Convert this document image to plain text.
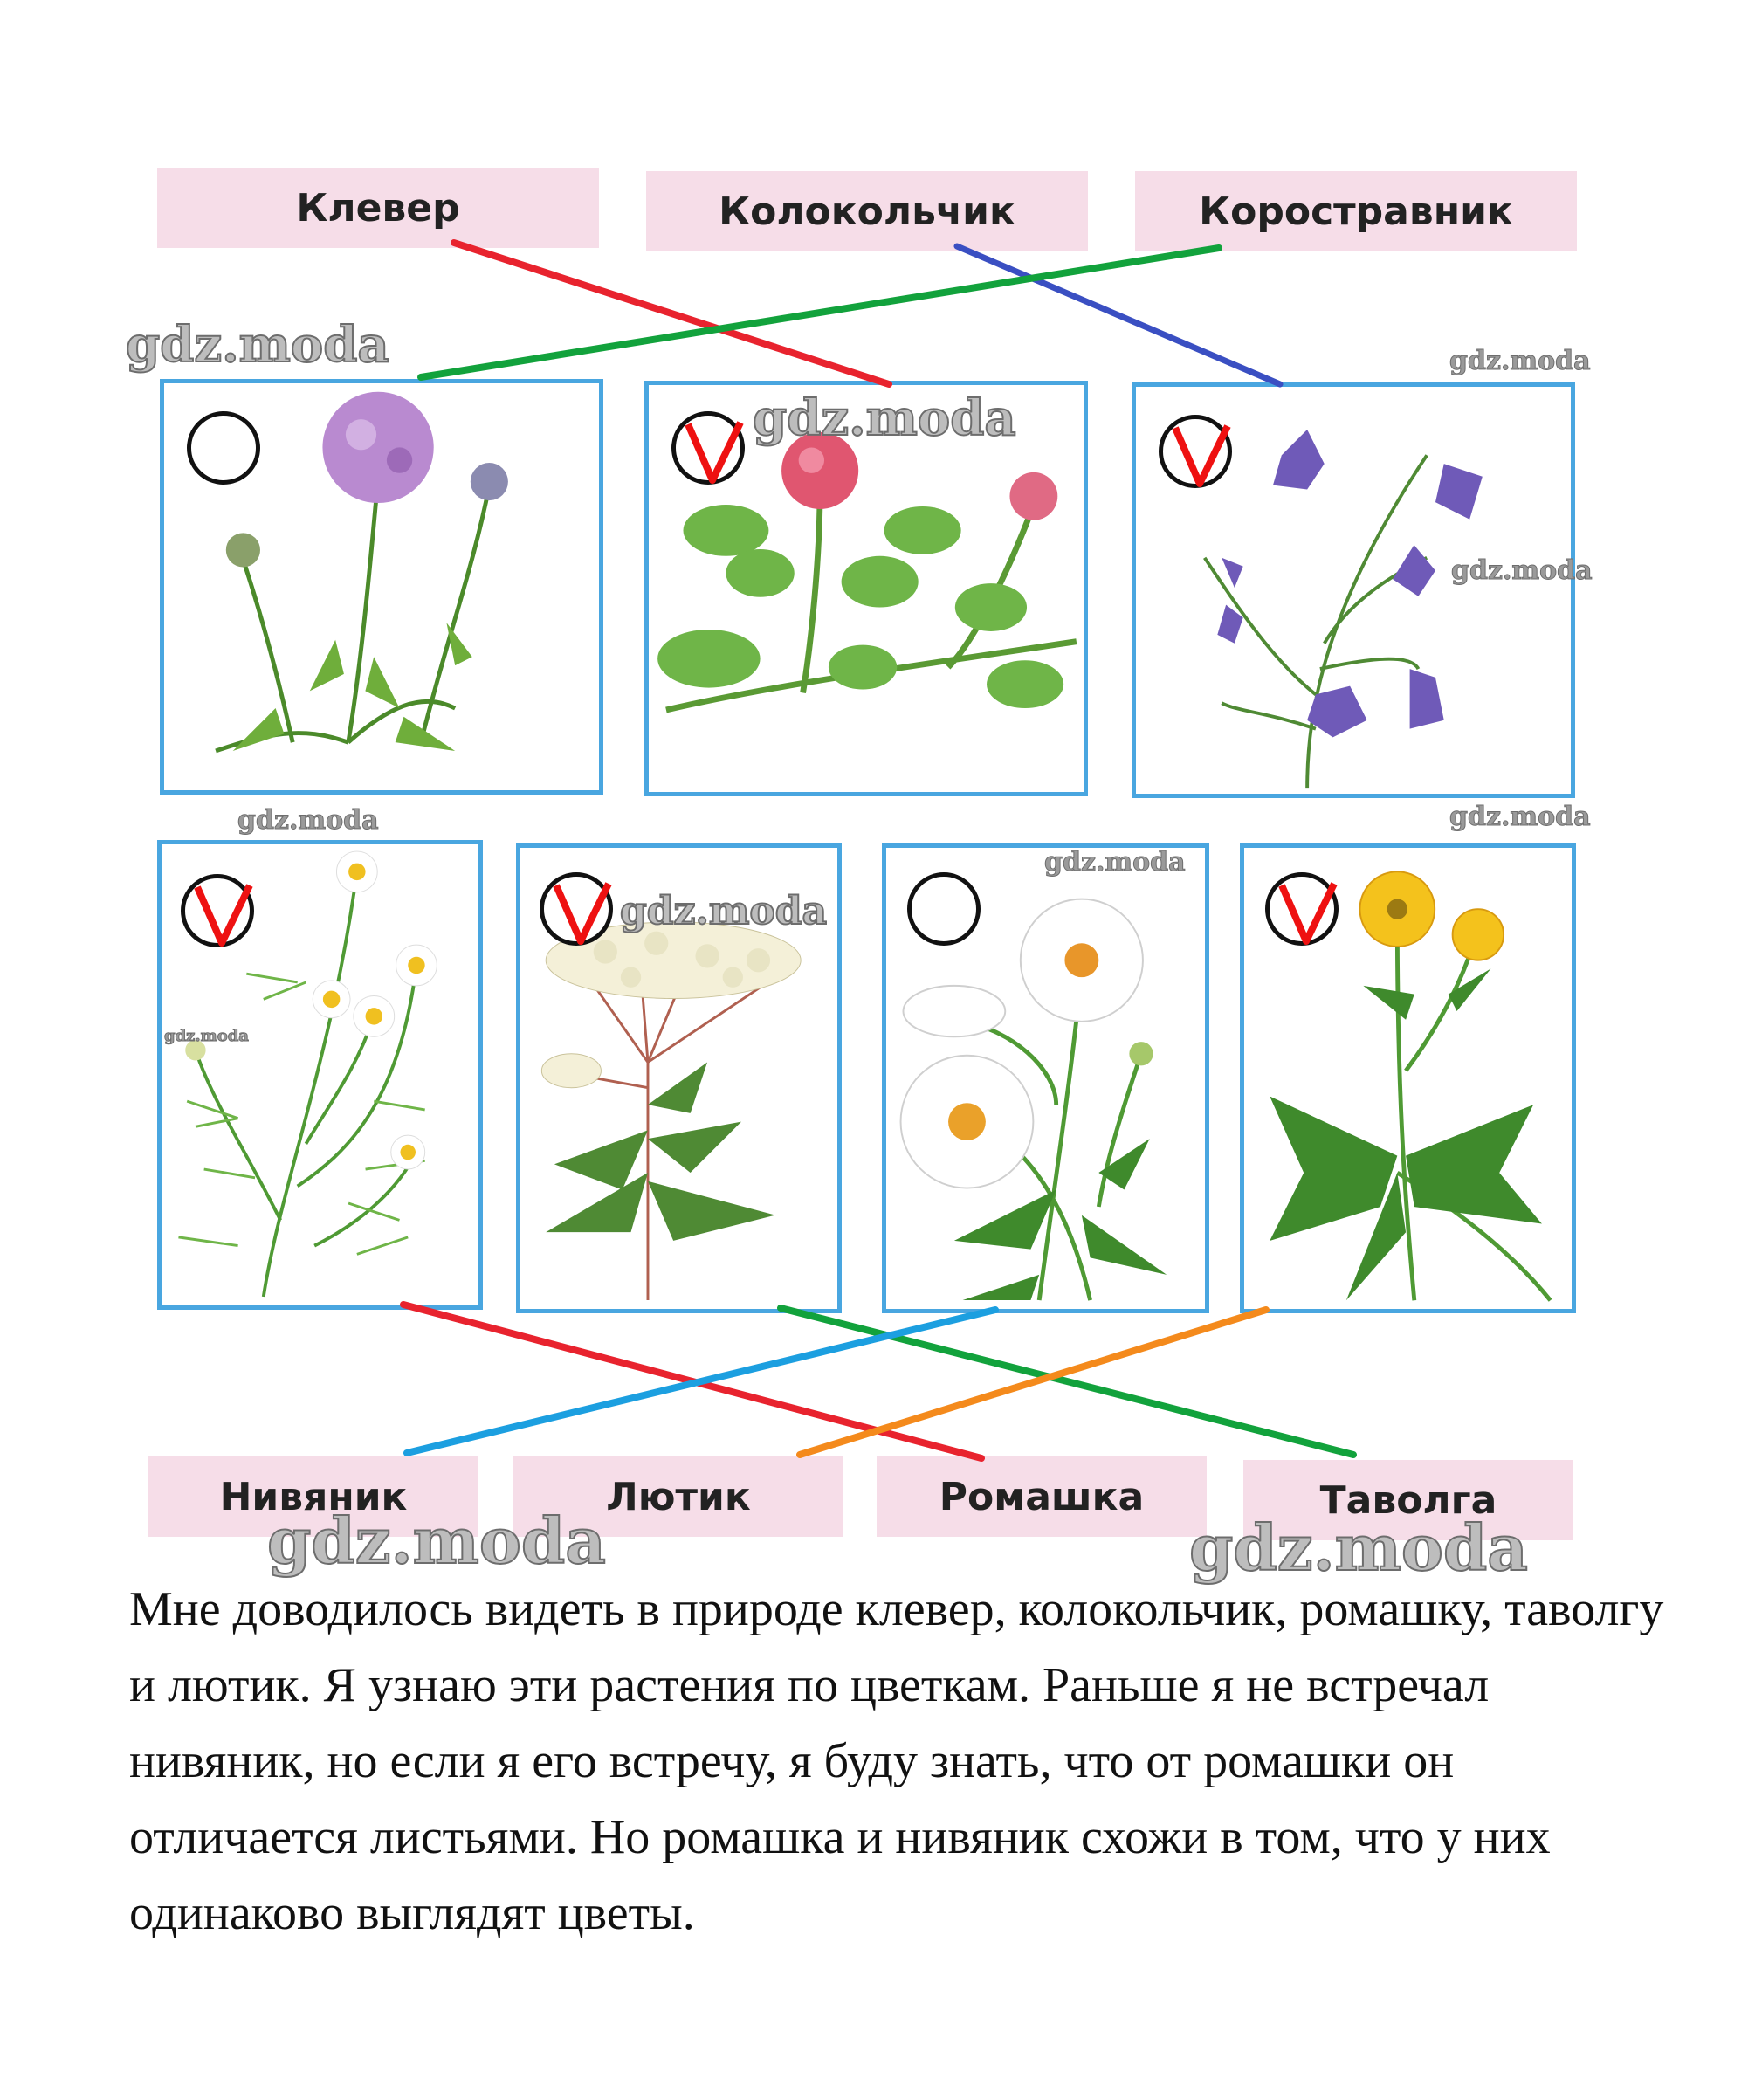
Клевер	Колокольчик	Коростравник
Нивяник	Лютик	Ромашка	Таволга
gdz.moda	gdz.moda
gdz.moda
gdz.moda
gdz.moda	gdz.moda
gdz.moda
gdz.moda
gdz.moda
gdz.moda	gdz.moda
Мне доводилось видеть в природе клевер, колокольчик, ромашку, таволгу и лютик. Я узнаю эти растения по цветкам. Раньше я не встречал нивяник, но если я его встречу, я буду знать, что от ромашки он отличается листьями. Но ромашка и нивяник схожи в том, что у них одинаково выглядят цветы.
